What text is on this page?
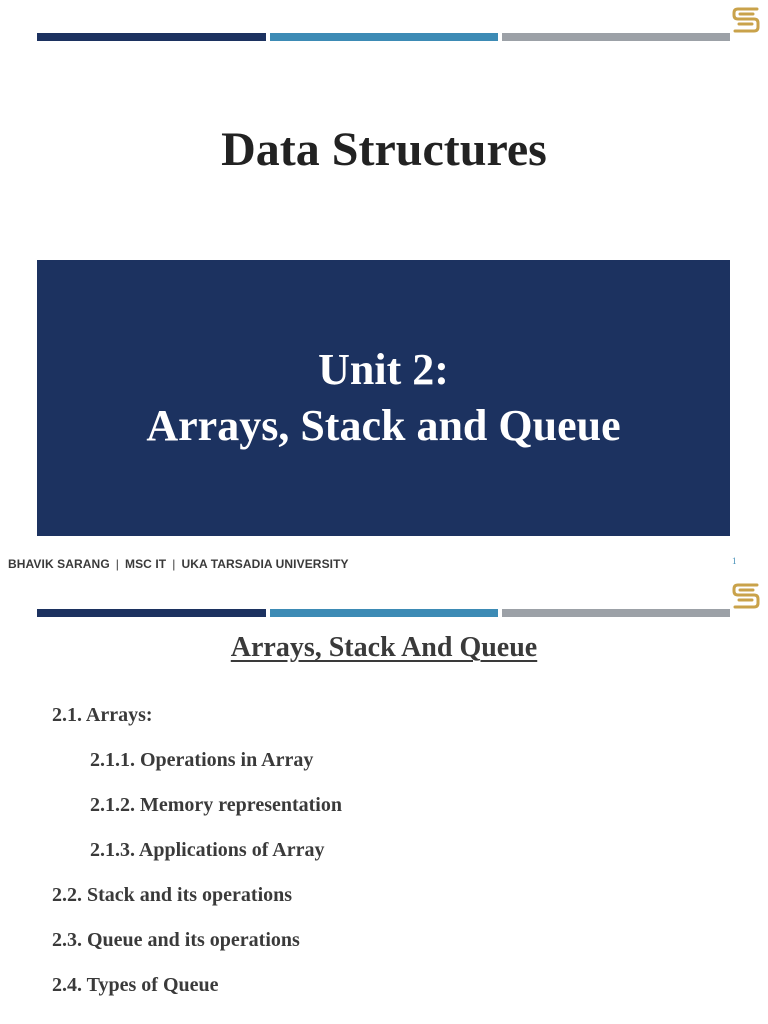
Data Structures
Unit 2:
Arrays, Stack and Queue
BHAVIK SARANG | MSC IT | UKA TARSADIA UNIVERSITY	1
Arrays, Stack And Queue
2.1. Arrays:
2.1.1. Operations in Array
2.1.2. Memory representation
2.1.3. Applications of Array
2.2. Stack and its operations
2.3. Queue and its operations
2.4. Types of Queue
